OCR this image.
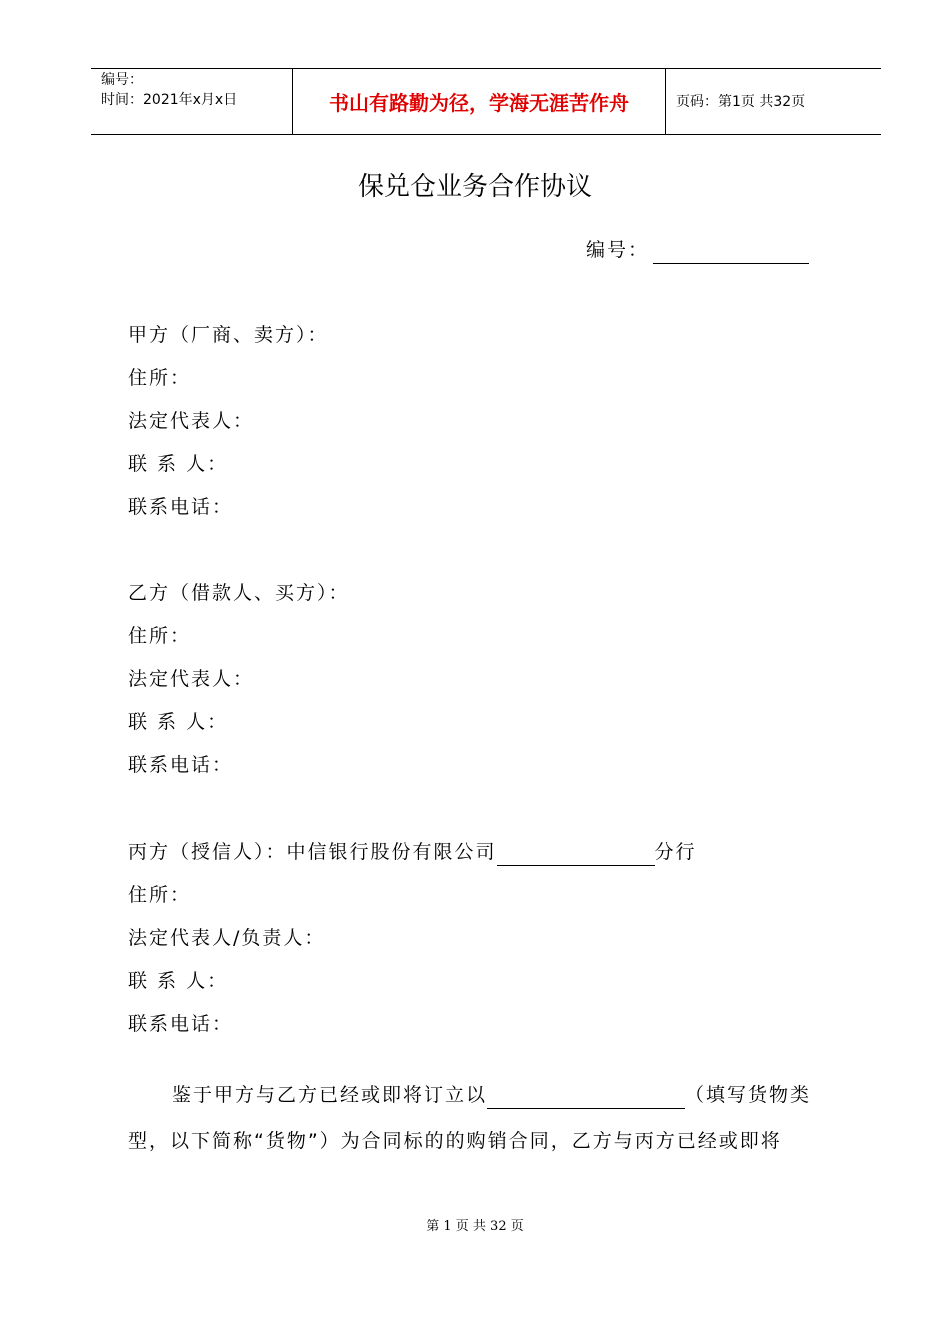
编号：
时间：2021年x月x日	书山有路勤为径，学海无涯苦作舟	页码：第1页 共32页
保兑仓业务合作协议
编号：
甲方（厂商、卖方）：
住所：
法定代表人：
联 系 人：
联系电话：
乙方（借款人、买方）：
住所：
法定代表人：
联 系 人：
联系电话：
丙方（授信人）：中信银行股份有限公司	分行
住所：
法定代表人/负责人：
联 系 人：
联系电话：
鉴于甲方与乙方已经或即将订立以	（填写货物类
型，以下简称“货物”）为合同标的的购销合同，乙方与丙方已经或即将
第 1 页 共 32 页
